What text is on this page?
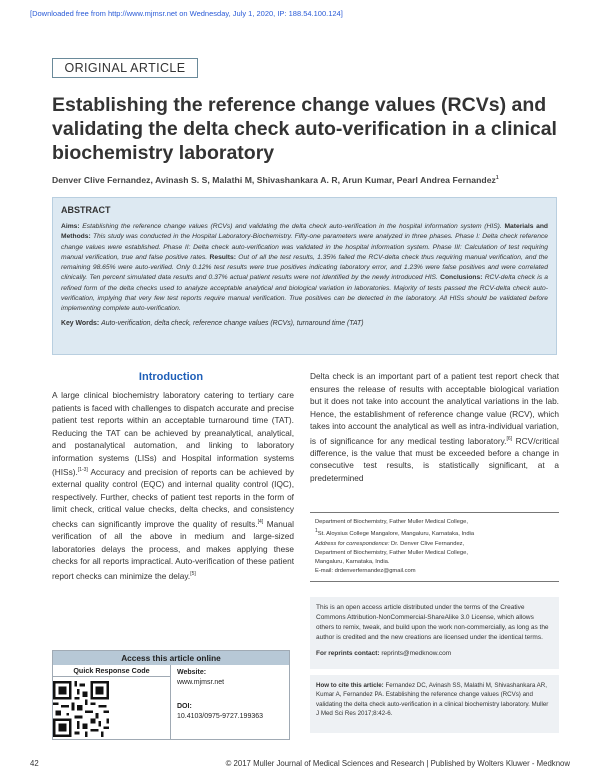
[Downloaded free from http://www.mjmsr.net on Wednesday, July 1, 2020, IP: 188.54.100.124]
ORIGINAL ARTICLE
Establishing the reference change values (RCVs) and validating the delta check auto-verification in a clinical biochemistry laboratory
Denver Clive Fernandez, Avinash S. S, Malathi M, Shivashankara A. R, Arun Kumar, Pearl Andrea Fernandez$^1$
ABSTRACT

Aims: Establishing the reference change values (RCVs) and validating the delta check auto-verification in the hospital information system (HIS). Materials and Methods: This study was conducted in the Hospital Laboratory-Biochemistry. Fifty-one parameters were analyzed in three phases. Phase I: Delta check reference change values were established. Phase II: Delta check auto-verification was validated in the hospital information system. Phase III: Calculation of test requiring manual verification, true and false positive rates. Results: Out of all the test results, 1.35% failed the RCV-delta check thus requiring manual verification, and the remaining 98.65% were auto-verified. Only 0.12% test results were true positives indicating laboratory error, and 1.23% were false positives and were correlated clinically. Ten percent simulated data results and 0.37% actual patient results were not identified by the newly introduced HIS. Conclusions: RCV-delta check is a refined form of the delta checks used to analyze acceptable analytical and biological variation in laboratories. Majority of tests passed the RCV-delta check auto-verification, implying that very few test reports require manual verification. True positives can be detected in the laboratory. All HISs should be validated before implementing complete auto-verification.

Key Words: Auto-verification, delta check, reference change values (RCVs), turnaround time (TAT)

Introduction

A large clinical biochemistry laboratory catering to tertiary care patients is faced with challenges to dispatch accurate and precise patient test reports within an acceptable turnaround time (TAT). Reducing the TAT can be achieved by preanalytical, analytical, and postanalytical automation, and linking to laboratory information systems (LISs) and Hospital information systems (HISs).[1-3] Accuracy and precision of reports can be achieved by external quality control (EQC) and internal quality control (IQC), respectively. Further, checks of patient test reports in the form of limit check, critical value checks, delta checks, and consistency checks can significantly improve the quality of results.[4] Manual verification of all the above in medium and large-sized laboratories delays the process, and makes applying these checks for all reports impractical. Auto-verification of these patient report checks can minimize the delay.[5]

Delta check is an important part of a patient test report check that ensures the release of results with acceptable biological variation but it does not take into account the analytical variations in the lab. Hence, the establishment of reference change value (RCV), which takes into account the analytical as well as intra-individual variation, is of significance for any medical testing laboratory.[6] RCV/critical difference, is the value that must be exceeded before a change in consecutive test results, is statistically significant, at a predetermined

Department of Biochemistry, Father Muller Medical College,
$^1$St. Aloysius College Mangalore, Mangaluru, Karnataka, India
Address for correspondence: Dr. Denver Clive Fernandez,
Department of Biochemistry, Father Muller Medical College,
Mangaluru, Karnataka, India.
E-mail: drdenverfernandez@gmail.com

This is an open access article distributed under the terms of the Creative Commons Attribution-NonCommercial-ShareAlike 3.0 License, which allows others to remix, tweak, and build upon the work non-commercially, as long as the author is credited and the new creations are licensed under the identical terms.

For reprints contact: reprints@medknow.com

How to cite this article: Fernandez DC, Avinash SS, Malathi M, Shivashankara AR, Kumar A, Fernandez PA. Establishing the reference change values (RCVs) and validating the delta check auto-verification in a clinical biochemistry laboratory. Muller J Med Sci Res 2017;8:42-6.
Access this article online
Quick Response Code	Website:
www.mjmsr.net
DOI:
10.4103/0975-9727.199363
42	© 2017 Muller Journal of Medical Sciences and Research | Published by Wolters Kluwer - Medknow
